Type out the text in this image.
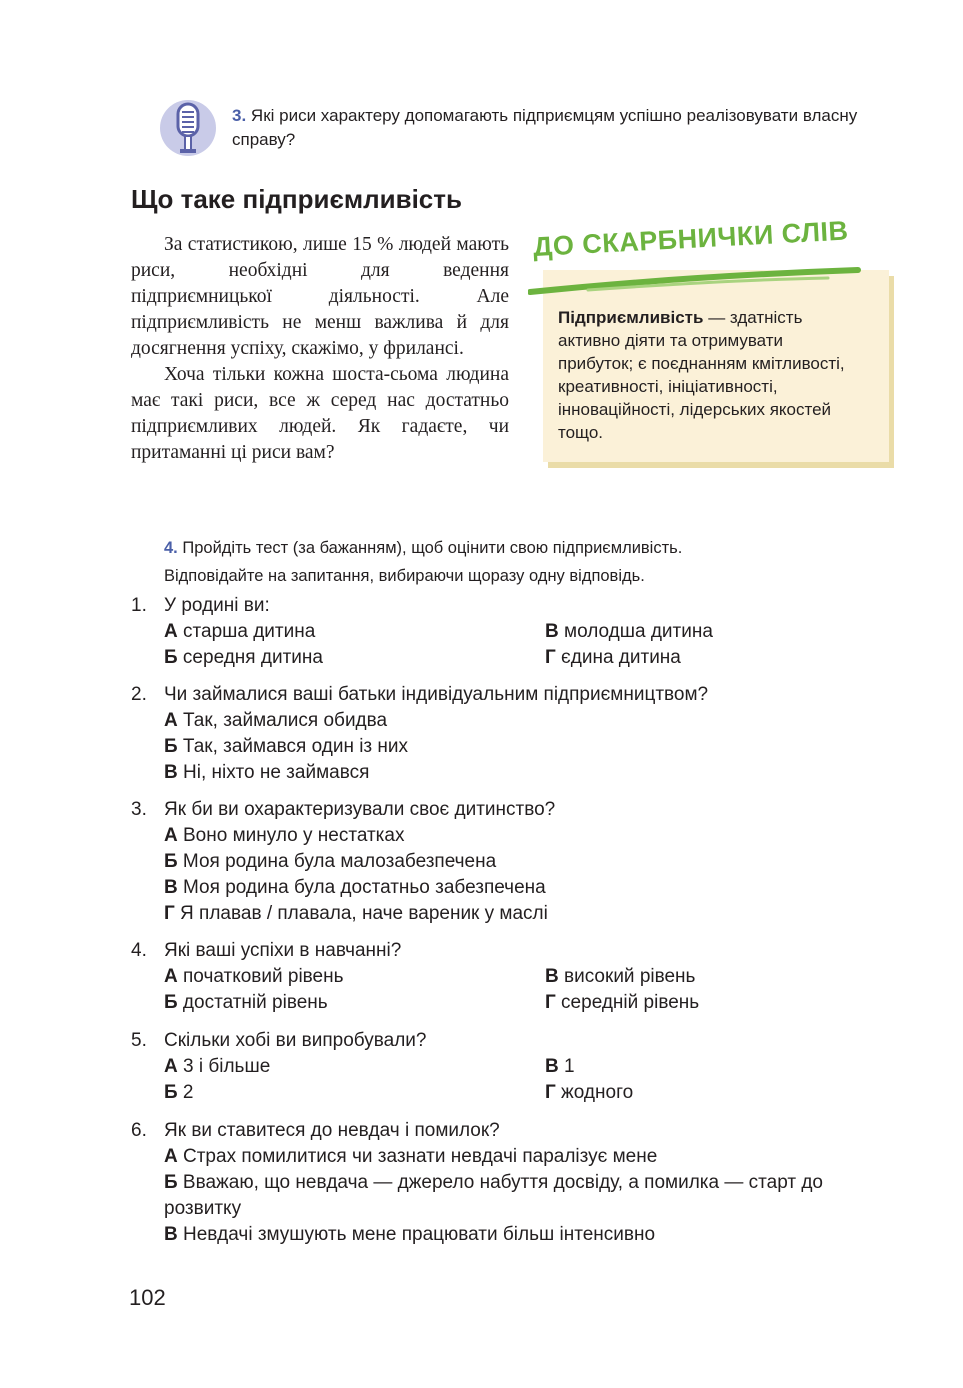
3. Які риси характеру допомагають підприємцям успішно реалізовувати власну справу?
Що таке підприємливість

За статистикою, лише 15 % людей мають риси, необхідні для ведення підприємницької діяльності. Але підприємливість не менш важлива й для досягнення успіху, скажімо, у фрилансі.

Хоча тільки кожна шоста-сьома людина має такі риси, все ж серед нас достатньо підприємливих людей. Як гадаєте, чи притаманні ці риси вам?

ДО СКАРБНИЧКИ СЛІВ
Підприємливість — здатність активно діяти та отримувати прибуток; є поєднанням кмітливості, креативності, ініціативності, інноваційності, лідерських якостей тощо.
4. Пройдіть тест (за бажанням), щоб оцінити свою підприємливість.
Відповідайте на запитання, вибираючи щоразу одну відповідь.
1. У родині ви:
А старша дитина	В молодша дитина
Б середня дитина	Г єдина дитина
2. Чи займалися ваші батьки індивідуальним підприємництвом?
А Так, займалися обидва
Б Так, займався один із них
В Ні, ніхто не займався
3. Як би ви охарактеризували своє дитинство?
А Воно минуло у нестатках
Б Моя родина була малозабезпечена
В Моя родина була достатньо забезпечена
Г Я плавав / плавала, наче вареник у маслі
4. Які ваші успіхи в навчанні?
А початковий рівень	В високий рівень
Б достатній рівень	Г середній рівень
5. Скільки хобі ви випробували?
А 3 і більше	В 1
Б 2	Г жодного
6. Як ви ставитеся до невдач і помилок?
А Страх помилитися чи зазнати невдачі паралізує мене
Б Вважаю, що невдача — джерело набуття досвіду, а помилка — старт до розвитку
В Невдачі змушують мене працювати більш інтенсивно
102
